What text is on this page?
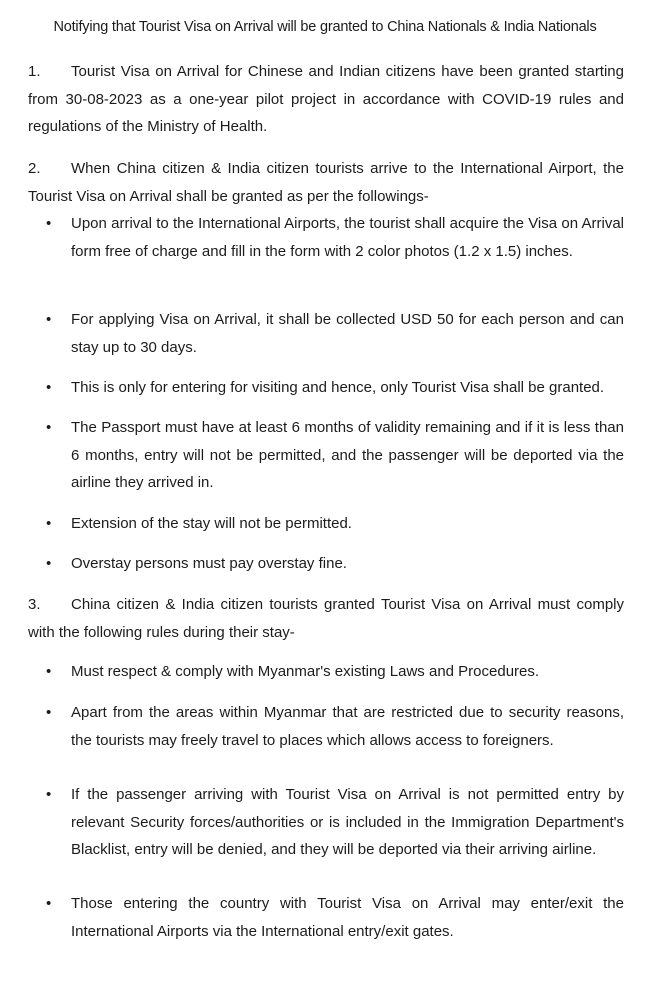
Notifying that Tourist Visa on Arrival will be granted to China Nationals & India Nationals

1. Tourist Visa on Arrival for Chinese and Indian citizens have been granted starting from 30-08-2023 as a one-year pilot project in accordance with COVID-19 rules and regulations of the Ministry of Health.

2. When China citizen & India citizen tourists arrive to the International Airport, the Tourist Visa on Arrival shall be granted as per the followings-

•	Upon arrival to the International Airports, the tourist shall acquire the Visa on Arrival form free of charge and fill in the form with 2 color photos (1.2 x 1.5) inches.
•	For applying Visa on Arrival, it shall be collected USD 50 for each person and can stay up to 30 days.
•	This is only for entering for visiting and hence, only Tourist Visa shall be granted.
•	The Passport must have at least 6 months of validity remaining and if it is less than 6 months, entry will not be permitted, and the passenger will be deported via the airline they arrived in.
•	Extension of the stay will not be permitted.
•	Overstay persons must pay overstay fine.

3. China citizen & India citizen tourists granted Tourist Visa on Arrival must comply with the following rules during their stay-

•	Must respect & comply with Myanmar's existing Laws and Procedures.
•	Apart from the areas within Myanmar that are restricted due to security reasons, the tourists may freely travel to places which allows access to foreigners.
•	If the passenger arriving with Tourist Visa on Arrival is not permitted entry by relevant Security forces/authorities or is included in the Immigration Department's Blacklist, entry will be denied, and they will be deported via their arriving airline.
•	Those entering the country with Tourist Visa on Arrival may enter/exit the International Airports via the International entry/exit gates.
